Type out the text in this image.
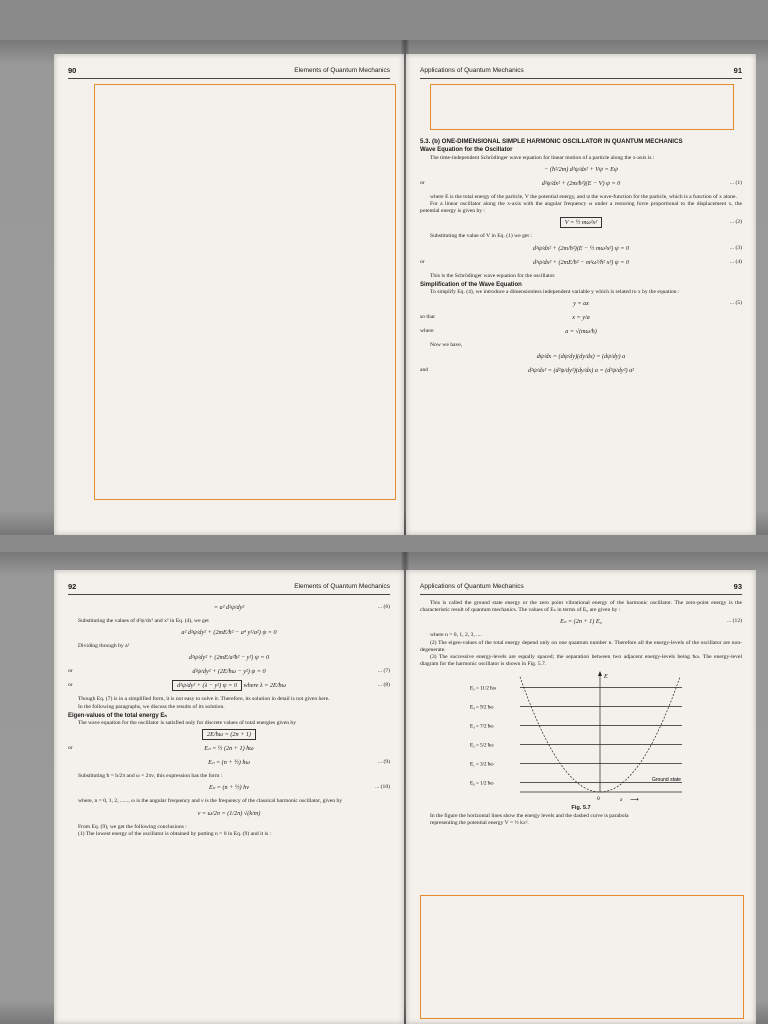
90	Elements of Quantum Mechanics	Applications of Quantum Mechanics	91
5.3. (b) ONE-DIMENSIONAL SIMPLE HARMONIC OSCILLATOR IN QUANTUM MECHANICS
Wave Equation for the Oscillator
The time-independent Schrödinger wave equation for linear motion of a particle along the x-axis is :
− (ħ²/2m) d²ψ/dx² + Vψ = Eψ
or	d²ψ/dx² + (2m/ħ²)(E − V) ψ = 0	... (1)
where E is the total energy of the particle, V the potential energy, and ψ the wave-function for the particle, which is a function of x alone.
For a linear oscillator along the x-axis with the angular frequency ω under a restoring force proportional to the displacement x, the potential energy is given by :
V = ½ mω²x²	... (2)
Substituting the value of V in Eq. (1) we get :
d²ψ/dx² + (2m/ħ²)(E − ½ mω²x²) ψ = 0	... (3)
or	d²ψ/dx² + (2mE/ħ² − m²ω²/ħ² x²) ψ = 0	... (4)
This is the Schrödinger wave equation for the oscillator.
Simplification of the Wave Equation
To simplify Eq. (4), we introduce a dimensionless independent variable y which is related to x by the equation :
y = ax	... (5)
so that	x = y/a
where	a = √(mω/ħ)
Now we have,
dψ/dx = (dψ/dy)(dy/dx) = (dψ/dy) a
and	d²ψ/dx² = (d²ψ/dy²)(dy/dx) a = (d²ψ/dy²) a²
92	Elements of Quantum Mechanics
= a² d²ψ/dy²	... (6)
Substituting the values of d²ψ/dx² and x² in Eq. (4), we get
a² d²ψ/dy² + (2mE/ħ² − a⁴ y²/a²) ψ = 0
Dividing through by a²
d²ψ/dy² + (2mE/a²ħ² − y²) ψ = 0
or	d²ψ/dy² + (2E/ħω − y²) ψ = 0	... (7)
or	d²ψ/dy² + (λ − y²) ψ = 0 where λ = 2E/ħω	... (8)
Though Eq. (7) is in a simplified form, it is not easy to solve it. Therefore, its solution in detail is not given here.
In the following paragraphs, we discuss the results of its solution.
Eigen-values of the total energy Eₙ
The wave equation for the oscillator is satisfied only for discrete values of total energies given by
2E/ħω = (2n + 1)
or	Eₙ = ½ (2n + 1) ħω
Eₙ = (n + ½) ħω	... (9)
Substituting ħ = h/2π and ω = 2πν, this expression has the form :
Eₙ = (n + ½) hν	... (10)
where, n = 0, 1, 2, ......, ω is the angular frequency and ν is the frequency of the classical harmonic oscillator, given by
ν = ω/2π = (1/2π) √(k/m)
From Eq. (9), we get the following conclusions :
(1) The lowest energy of the oscillator is obtained by putting n = 0 in Eq. (9) and it is :
Applications of Quantum Mechanics	93
This is called the ground state energy or the zero point vibrational energy of the harmonic oscillator. The zero-point energy is the characteristic result of quantum mechanics. The values of Eₙ in terms of E₀ are given by :
Eₙ = (2n + 1) E₀	... (12)
where n = 0, 1, 2, 3, ....
(2) The eigen-values of the total energy depend only on one quantum number n. Therefore all the energy-levels of the oscillator are non-degenerate.
(3) The successive energy-levels are equally spaced; the separation between two adjacent energy-levels being ħω. The energy-level diagram for the harmonic oscillator is shown in Fig. 5.7.
E
0	x ⟶
E₅ = 11/2 ħω
E₄ = 9/2 ħω
E₃ = 7/2 ħω
E₂ = 5/2 ħω
E₁ = 3/2 ħω
E₀ = 1/2 ħω
Ground state
Fig. 5.7
In the figure the horizontal lines show the energy levels and the dashed curve is parabola
representing the potential energy V = ½ kx².
